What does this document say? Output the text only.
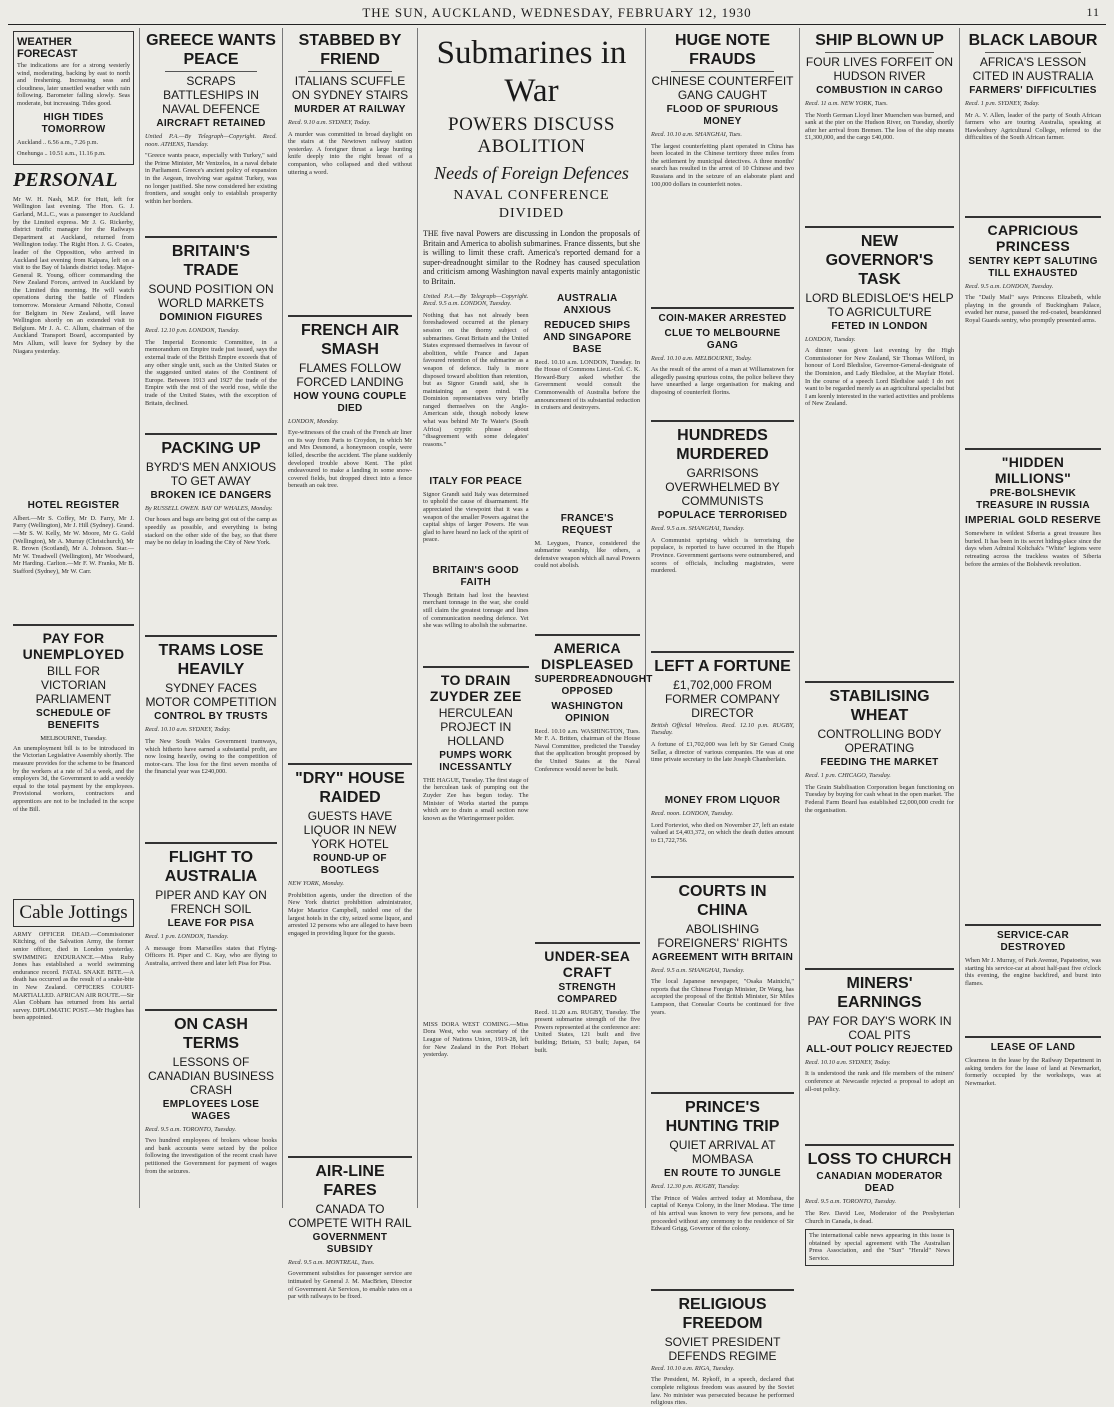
THE SUN, AUCKLAND, WEDNESDAY, FEBRUARY 12, 1930	11
WEATHER FORECAST
The indications are for a strong westerly wind, moderating, backing by east to north and freshening. Increasing seas and cloudiness, later unsettled weather with rain following. Barometer falling slowly. Seas moderate, but increasing. Tides good.
HIGH TIDES TOMORROW
Auckland .. 6.56 a.m., 7.26 p.m.
Onehunga .. 10.51 a.m., 11.16 p.m.
PERSONAL
Mr W. H. Nash, M.P. for Hutt, left for Wellington last evening. The Hon. G. J. Garland, M.L.C., was a passenger to Auckland by the Limited express. Mr J. G. Rickerby, district traffic manager for the Railways Department at Auckland, returned from Wellington today. The Right Hon. J. G. Coates, leader of the Opposition, who arrived in Auckland last evening from Kaipara, left on a visit to the Bay of Islands district today. Major-General R. Young, officer commanding the New Zealand Forces, arrived in Auckland by the Limited this morning. He will watch operations during the battle of Flinders tomorrow. Monsieur Armand Nihotte, Consul for Belgium in New Zealand, will leave Wellington shortly on an extended visit to Belgium. Mr J. A. C. Allum, chairman of the Auckland Transport Board, accompanied by Mrs Allum, will leave for Sydney by the Niagara yesterday.
HOTEL REGISTER
Albert.—Mr S. Coffey, Mr D. Farry, Mr J. Parry (Wellington), Mr J. Hill (Sydney). Grand.—Mr S. W. Kelly, Mr W. Moore, Mr G. Gold (Wellington), Mr A. Murray (Christchurch), Mr R. Brown (Scotland), Mr A. Johnson. Star.—Mr W. Treadwell (Wellington), Mr Woodward, Mr Harding. Carlton.—Mr F. W. Franks, Mr B. Stafford (Sydney), Mr W. Carr.
PAY FOR UNEMPLOYED
BILL FOR VICTORIAN PARLIAMENT
SCHEDULE OF BENEFITS
MELBOURNE, Tuesday.
An unemployment bill is to be introduced in the Victorian Legislative Assembly shortly. The measure provides for the scheme to be financed by the workers at a rate of 3d a week, and the employers 3d, the Government to add a weekly equal to the total payment by the employees. Provisional workers, contractors and apprentices are not to be included in the scope of the Bill.
Cable Jottings
ARMY OFFICER DEAD.—Commissioner Kitching, of the Salvation Army, the former senior officer, died in London yesterday. SWIMMING ENDURANCE.—Miss Ruby Jones has established a world swimming endurance record. FATAL SNAKE BITE.—A death has occurred as the result of a snake-bite in New Zealand. OFFICERS COURT-MARTIALLED. AFRICAN AIR ROUTE.—Sir Alan Cobham has returned from his aerial survey. DIPLOMATIC POST.—Mr Hughes has been appointed.
GREECE WANTS PEACE
SCRAPS BATTLESHIPS IN NAVAL DEFENCE
AIRCRAFT RETAINED
United P.A.—By Telegraph—Copyright. Recd. noon. ATHENS, Tuesday.
"Greece wants peace, especially with Turkey," said the Prime Minister, Mr Venizelos, in a naval debate in Parliament. Greece's ancient policy of expansion in the Aegean, involving war against Turkey, was no longer justified. She now considered her existing frontiers, and sought only to establish prosperity within her borders.
BRITAIN'S TRADE
SOUND POSITION ON WORLD MARKETS
DOMINION FIGURES
Recd. 12.10 p.m. LONDON, Tuesday.
The Imperial Economic Committee, in a memorandum on Empire trade just issued, says the external trade of the British Empire exceeds that of any other single unit, such as the United States or the suggested united states of the Continent of Europe. Between 1913 and 1927 the trade of the Empire with the rest of the world rose, while the trade of the United States, with the exception of Britain, declined.
PACKING UP
BYRD'S MEN ANXIOUS TO GET AWAY
BROKEN ICE DANGERS
By RUSSELL OWEN. BAY OF WHALES, Monday.
Our hoses and bags are being got out of the camp as speedily as possible, and everything is being stacked on the other side of the bay, so that there may be no delay in loading the City of New York.
TRAMS LOSE HEAVILY
SYDNEY FACES MOTOR COMPETITION
CONTROL BY TRUSTS
Recd. 10.10 a.m. SYDNEY, Today.
The New South Wales Government tramways, which hitherto have earned a substantial profit, are now losing heavily, owing to the competition of motor-cars. The loss for the first seven months of the financial year was £240,000.
FLIGHT TO AUSTRALIA
PIPER AND KAY ON FRENCH SOIL
LEAVE FOR PISA
Recd. 1 p.m. LONDON, Tuesday.
A message from Marseilles states that Flying-Officers H. Piper and C. Kay, who are flying to Australia, arrived there and later left Pisa for Pisa.
ON CASH TERMS
LESSONS OF CANADIAN BUSINESS CRASH
EMPLOYEES LOSE WAGES
Recd. 9.5 a.m. TORONTO, Tuesday.
Two hundred employees of brokers whose books and bank accounts were seized by the police following the investigation of the recent crash have petitioned the Government for payment of wages from the seizures.
STABBED BY FRIEND
ITALIANS SCUFFLE ON SYDNEY STAIRS
MURDER AT RAILWAY
Recd. 9.10 a.m. SYDNEY, Today.
A murder was committed in broad daylight on the stairs at the Newtown railway station yesterday. A foreigner thrust a large hunting knife deeply into the right breast of a companion, who collapsed and died without uttering a word.
FRENCH AIR SMASH
FLAMES FOLLOW FORCED LANDING
HOW YOUNG COUPLE DIED
LONDON, Monday.
Eye-witnesses of the crash of the French air liner on its way from Paris to Croydon, in which Mr and Mrs Desmond, a honeymoon couple, were killed, describe the accident. The plane suddenly developed trouble above Kent. The pilot endeavoured to make a landing in some snow-covered fields, but dropped direct into a fence beneath an oak tree.
"DRY" HOUSE RAIDED
GUESTS HAVE LIQUOR IN NEW YORK HOTEL
ROUND-UP OF BOOTLEGS
NEW YORK, Monday.
Prohibition agents, under the direction of the New York district prohibition administrator, Major Maurice Campbell, raided one of the largest hotels in the city, seized some liquor, and arrested 12 persons who are alleged to have been engaged in providing liquor for the guests.
AIR-LINE FARES
CANADA TO COMPETE WITH RAIL
GOVERNMENT SUBSIDY
Recd. 9.5 a.m. MONTREAL, Tues.
Government subsidies for passenger service are intimated by General J. M. MacBrien, Director of Government Air Services, to enable rates on a par with railways to be fixed.
Submarines in War
POWERS DISCUSS ABOLITION
Needs of Foreign Defences
NAVAL CONFERENCE DIVIDED
THE five naval Powers are discussing in London the proposals of Britain and America to abolish submarines. France dissents, but she is willing to limit these craft. America's reported demand for a super-dreadnought similar to the Rodney has caused speculation and criticism among Washington naval experts mainly antagonistic to Britain.
United P.A.—By Telegraph—Copyright. Recd. 9.5 a.m. LONDON, Tuesday.
Nothing that has not already been foreshadowed occurred at the plenary session on the thorny subject of submarines. Great Britain and the United States expressed themselves in favour of abolition, while France and Japan favoured retention of the submarine as a weapon of defence. Italy is more disposed toward abolition than retention, but as Signor Grandi said, she is maintaining an open mind. The Dominion representatives very briefly ranged themselves on the Anglo-American side, though nobody knew what was behind Mr Te Water's (South Africa) cryptic phrase about "disagreement with some delegates' reasons."
ITALY FOR PEACE
Signor Grandi said Italy was determined to uphold the cause of disarmament. He appreciated the viewpoint that it was a weapon of the smaller Powers against the capital ships of larger Powers. He was glad to have heard no lack of the spirit of peace.
BRITAIN'S GOOD FAITH
Though Britain had lost the heaviest merchant tonnage in the war, she could still claim the greatest tonnage and lines of communication needing defence. Yet she was willing to abolish the submarine.
TO DRAIN ZUYDER ZEE
HERCULEAN PROJECT IN HOLLAND
PUMPS WORK INCESSANTLY
THE HAGUE, Tuesday. The first stage of the herculean task of pumping out the Zuyder Zee has begun today. The Minister of Works started the pumps which are to drain a small section now known as the Wieringermeer polder.
MISS DORA WEST COMING.—Miss Dora West, who was secretary of the League of Nations Union, 1919-28, left for New Zealand in the Port Hobart yesterday.
AUSTRALIA ANXIOUS
REDUCED SHIPS AND SINGAPORE BASE
Recd. 10.10 a.m. LONDON, Tuesday. In the House of Commons Lieut.-Col. C. K. Howard-Bury asked whether the Government would consult the Commonwealth of Australia before the announcement of its substantial reduction in cruisers and destroyers.
FRANCE'S REQUEST
M. Leygues, France, considered the submarine warship, like others, a defensive weapon which all naval Powers could not abolish.
AMERICA DISPLEASED
SUPERDREADNOUGHT OPPOSED
WASHINGTON OPINION
Recd. 10.10 a.m. WASHINGTON, Tues. Mr F. A. Britten, chairman of the House Naval Committee, predicted the Tuesday that the application brought proposed by the United States at the Naval Conference would never be built.
UNDER-SEA CRAFT
STRENGTH COMPARED
Recd. 11.20 a.m. RUGBY, Tuesday. The present submarine strength of the five Powers represented at the conference are: United States, 121 built and five building; Britain, 53 built; Japan, 64 built.
HUGE NOTE FRAUDS
CHINESE COUNTERFEIT GANG CAUGHT
FLOOD OF SPURIOUS MONEY
Recd. 10.10 a.m. SHANGHAI, Tues.
The largest counterfeiting plant operated in China has been located in the Chinese territory three miles from the settlement by municipal detectives. A three months' search has resulted in the arrest of 10 Chinese and two Russians and in the seizure of an elaborate plant and 100,000 dollars in counterfeit notes.
COIN-MAKER ARRESTED
CLUE TO MELBOURNE GANG
Recd. 10.10 a.m. MELBOURNE, Today.
As the result of the arrest of a man at Williamstown for allegedly passing spurious coins, the police believe they have unearthed a large organisation for making and disposing of counterfeit florins.
HUNDREDS MURDERED
GARRISONS OVERWHELMED BY COMMUNISTS
POPULACE TERRORISED
Recd. 9.5 a.m. SHANGHAI, Tuesday.
A Communist uprising which is terrorising the populace, is reported to have occurred in the Hupeh Province. Government garrisons were outnumbered, and scores of officials, including magistrates, were murdered.
LEFT A FORTUNE
£1,702,000 FROM FORMER COMPANY DIRECTOR
British Official Wireless. Recd. 12.10 p.m. RUGBY, Tuesday.
A fortune of £1,702,000 was left by Sir Gerard Craig Sellar, a director of various companies. He was at one time private secretary to the late Joseph Chamberlain.
MONEY FROM LIQUOR
Recd. noon. LONDON, Tuesday.
Lord Forteviot, who died on November 27, left an estate valued at £4,403,372, on which the death duties amount to £1,722,756.
COURTS IN CHINA
ABOLISHING FOREIGNERS' RIGHTS
AGREEMENT WITH BRITAIN
Recd. 9.5 a.m. SHANGHAI, Tuesday.
The local Japanese newspaper, "Osaka Mainichi," reports that the Chinese Foreign Minister, Dr Wang, has accepted the proposal of the British Minister, Sir Miles Lampson, that Consular Courts be continued for five years.
PRINCE'S HUNTING TRIP
QUIET ARRIVAL AT MOMBASA
EN ROUTE TO JUNGLE
Recd. 12.30 p.m. RUGBY, Tuesday.
The Prince of Wales arrived today at Mombasa, the capital of Kenya Colony, in the liner Modasa. The time of his arrival was known to very few persons, and he proceeded without any ceremony to the residence of Sir Edward Grigg, Governor of the colony.
RELIGIOUS FREEDOM
SOVIET PRESIDENT DEFENDS REGIME
Recd. 10.10 a.m. RIGA, Tuesday.
The President, M. Rykoff, in a speech, declared that complete religious freedom was assured by the Soviet law. No minister was persecuted because he performed religious rites.
SHIP BLOWN UP
FOUR LIVES FORFEIT ON HUDSON RIVER
COMBUSTION IN CARGO
Recd. 11 a.m. NEW YORK, Tues.
The North German Lloyd liner Muenchen was burned, and sank at the pier on the Hudson River, on Tuesday, shortly after her arrival from Bremen. The loss of the ship means £1,300,000, and the cargo £40,000.
NEW GOVERNOR'S TASK
LORD BLEDISLOE'S HELP TO AGRICULTURE
FETED IN LONDON
LONDON, Tuesday.
A dinner was given last evening by the High Commissioner for New Zealand, Sir Thomas Wilford, in honour of Lord Bledisloe, Governor-General-designate of the Dominion, and Lady Bledisloe, at the Mayfair Hotel. In the course of a speech Lord Bledisloe said: I do not want to be regarded merely as an agricultural specialist but I am keenly interested in the varied activities and problems of New Zealand.
STABILISING WHEAT
CONTROLLING BODY OPERATING
FEEDING THE MARKET
Recd. 1 p.m. CHICAGO, Tuesday.
The Grain Stabilisation Corporation began functioning on Tuesday by buying for cash wheat in the open market. The Federal Farm Board has established £2,000,000 credit for the organisation.
MINERS' EARNINGS
PAY FOR DAY'S WORK IN COAL PITS
ALL-OUT POLICY REJECTED
Recd. 10.10 a.m. SYDNEY, Today.
It is understood the rank and file members of the miners' conference at Newcastle rejected a proposal to adopt an all-out policy.
LOSS TO CHURCH
CANADIAN MODERATOR DEAD
Recd. 9.5 a.m. TORONTO, Tuesday.
The Rev. David Lee, Moderator of the Presbyterian Church in Canada, is dead.
The international cable news appearing in this issue is obtained by special agreement with The Australian Press Association, and the "Sun" "Herald" News Service.
BLACK LABOUR
AFRICA'S LESSON CITED IN AUSTRALIA
FARMERS' DIFFICULTIES
Recd. 1 p.m. SYDNEY, Today.
Mr A. V. Allen, leader of the party of South African farmers who are touring Australia, speaking at Hawkesbury Agricultural College, referred to the difficulties of the South African farmer.
CAPRICIOUS PRINCESS
SENTRY KEPT SALUTING TILL EXHAUSTED
Recd. 9.5 a.m. LONDON, Tuesday.
The "Daily Mail" says Princess Elizabeth, while playing in the grounds of Buckingham Palace, evaded her nurse, passed the red-coated, bearskinned Royal Guards sentry, who promptly presented arms.
"HIDDEN MILLIONS"
PRE-BOLSHEVIK TREASURE IN RUSSIA
IMPERIAL GOLD RESERVE
Somewhere in wildest Siberia a great treasure lies buried. It has been in its secret hiding-place since the days when Admiral Koltchak's "White" legions were retreating across the trackless wastes of Siberia before the armies of the Bolshevik revolution.
SERVICE-CAR DESTROYED
When Mr J. Murray, of Park Avenue, Papatoetoe, was starting his service-car at about half-past five o'clock this evening, the engine backfired, and burst into flames.
LEASE OF LAND
Clearness in the lease by the Railway Department in asking tenders for the lease of land at Newmarket, formerly occupied by the workshops, was at Newmarket.
